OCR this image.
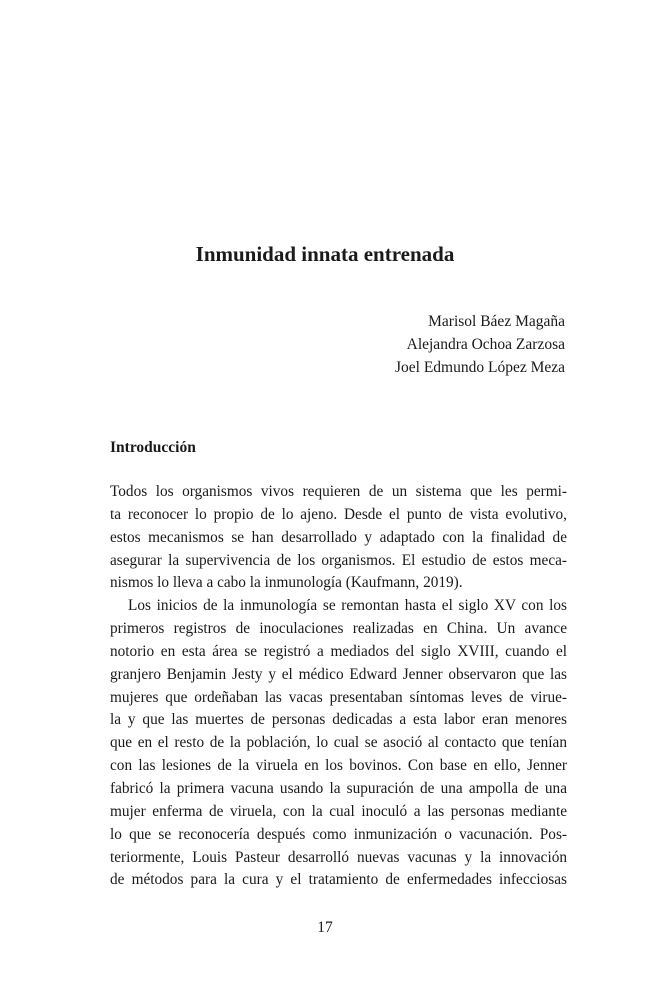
Inmunidad innata entrenada
Marisol Báez Magaña
Alejandra Ochoa Zarzosa
Joel Edmundo López Meza
Introducción
Todos los organismos vivos requieren de un sistema que les permi-
ta reconocer lo propio de lo ajeno. Desde el punto de vista evolutivo,
estos mecanismos se han desarrollado y adaptado con la finalidad de
asegurar la supervivencia de los organismos. El estudio de estos meca-
nismos lo lleva a cabo la inmunología (Kaufmann, 2019).
Los inicios de la inmunología se remontan hasta el siglo XV con los
primeros registros de inoculaciones realizadas en China. Un avance
notorio en esta área se registró a mediados del siglo XVIII, cuando el
granjero Benjamin Jesty y el médico Edward Jenner observaron que las
mujeres que ordeñaban las vacas presentaban síntomas leves de virue-
la y que las muertes de personas dedicadas a esta labor eran menores
que en el resto de la población, lo cual se asoció al contacto que tenían
con las lesiones de la viruela en los bovinos. Con base en ello, Jenner
fabricó la primera vacuna usando la supuración de una ampolla de una
mujer enferma de viruela, con la cual inoculó a las personas mediante
lo que se reconocería después como inmunización o vacunación. Pos-
teriormente, Louis Pasteur desarrolló nuevas vacunas y la innovación
de métodos para la cura y el tratamiento de enfermedades infecciosas
17
